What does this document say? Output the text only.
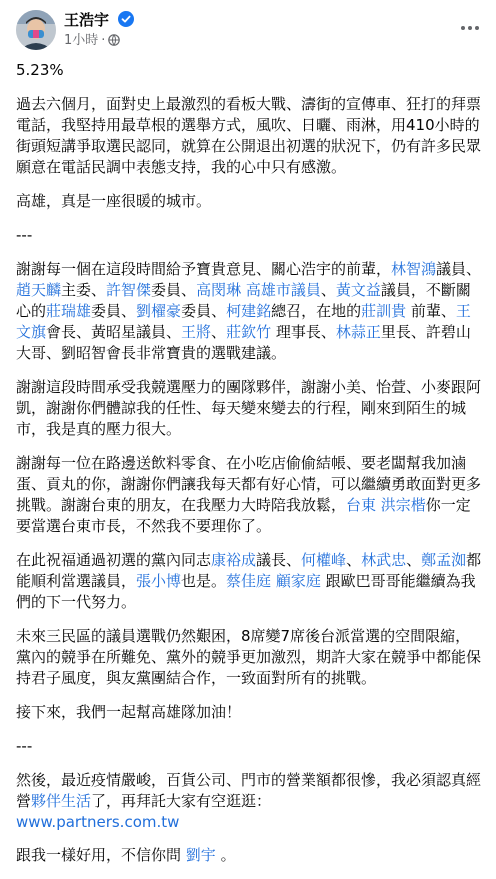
王浩宇
1小時 ·

5.23%

過去六個月，面對史上最激烈的看板大戰、濤街的宣傳車、狂打的拜票電話，我堅持用最草根的選舉方式，風吹、日曬、雨淋，用410小時的街頭短講爭取選民認同，就算在公開退出初選的狀況下，仍有許多民眾願意在電話民調中表態支持，我的心中只有感激。

高雄，真是一座很暖的城市。

---

謝謝每一個在這段時間給予寶貴意見、關心浩宇的前輩，林智鴻議員、趙天麟主委、許智傑委員、高閔琳 高雄市議員、黃文益議員，不斷關心的莊瑞雄委員、劉櫂豪委員、柯建銘總召，在地的莊訓貴 前輩、王文旗會長、黃昭星議員、王將、莊欽竹 理事長、林蒜正里長、許碧山大哥、劉昭智會長非常寶貴的選戰建議。

謝謝這段時間承受我競選壓力的團隊夥伴，謝謝小美、怡萱、小麥跟阿凱，謝謝你們體諒我的任性、每天變來變去的行程，剛來到陌生的城市，我是真的壓力很大。

謝謝每一位在路邊送飲料零食、在小吃店偷偷結帳、要老闆幫我加滷蛋、貢丸的你，謝謝你們讓我每天都有好心情，可以繼續勇敢面對更多挑戰。謝謝台東的朋友，在我壓力大時陪我放鬆，台東 洪宗楷你一定要當選台東市長，不然我不要理你了。

在此祝福通過初選的黨內同志康裕成議長、何權峰、林武忠、鄭孟洳都能順利當選議員，張小博也是。蔡佳庭 顧家庭 跟歐巴哥哥能繼續為我們的下一代努力。

未來三民區的議員選戰仍然艱困，8席變7席後台派當選的空間限縮，黨內的競爭在所難免、黨外的競爭更加激烈，期許大家在競爭中都能保持君子風度，與友黨團結合作，一致面對所有的挑戰。

接下來，我們一起幫高雄隊加油！

---

然後，最近疫情嚴峻，百貨公司、門市的營業額都很慘，我必須認真經營夥伴生活了，再拜託大家有空逛逛：
www.partners.com.tw

跟我一樣好用，不信你問 劉宇 。
